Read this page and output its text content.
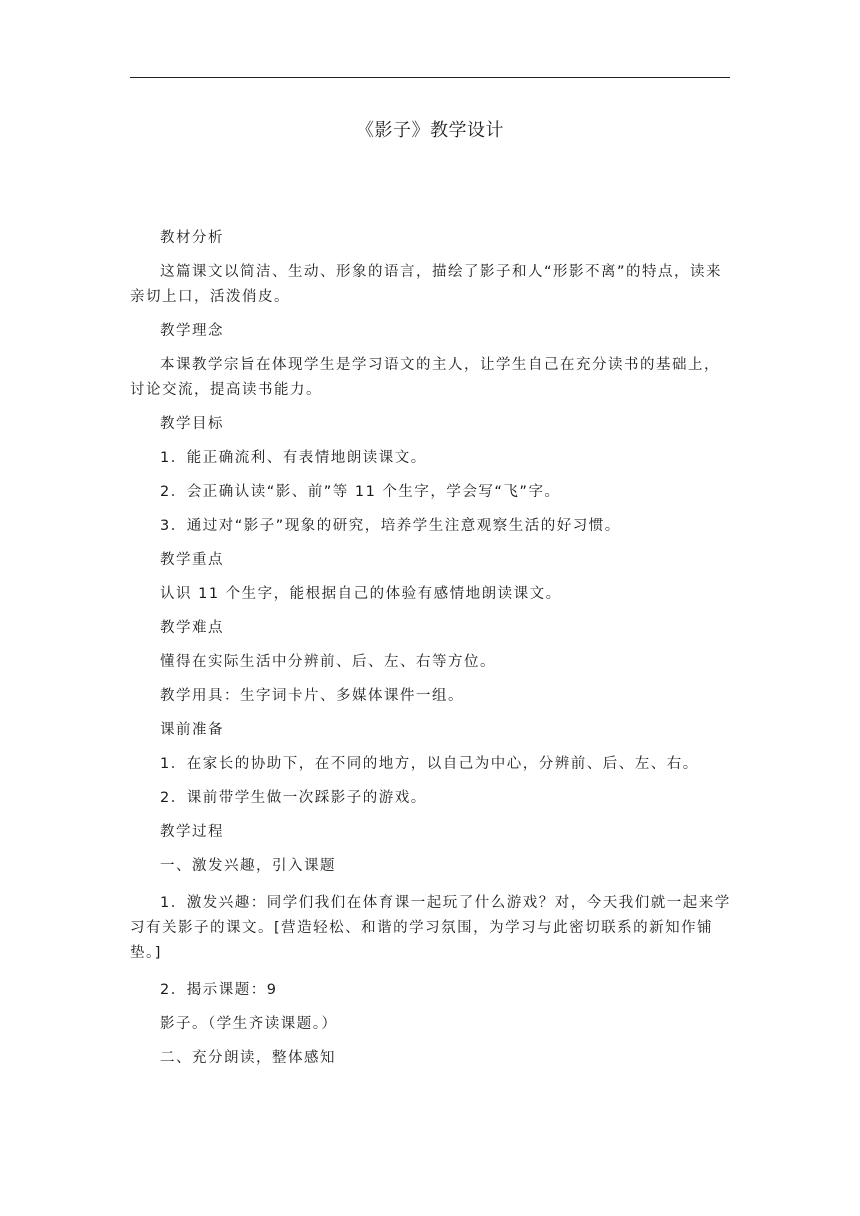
《影子》教学设计

教材分析

这篇课文以简洁、生动、形象的语言，描绘了影子和人“形影不离”的特点，读来亲切上口，活泼俏皮。

教学理念

本课教学宗旨在体现学生是学习语文的主人，让学生自己在充分读书的基础上，讨论交流，提高读书能力。

教学目标

1．能正确流利、有表情地朗读课文。

2．会正确认读“影、前”等 11 个生字，学会写“飞”字。

3．通过对“影子”现象的研究，培养学生注意观察生活的好习惯。

教学重点

认识 11 个生字，能根据自己的体验有感情地朗读课文。

教学难点

懂得在实际生活中分辨前、后、左、右等方位。

教学用具：生字词卡片、多媒体课件一组。

课前准备

1．在家长的协助下，在不同的地方，以自己为中心，分辨前、后、左、右。

2．课前带学生做一次踩影子的游戏。

教学过程

一、激发兴趣，引入课题

1．激发兴趣：同学们我们在体育课一起玩了什么游戏？对，今天我们就一起来学习有关影子的课文。[营造轻松、和谐的学习氛围，为学习与此密切联系的新知作铺垫。]

2．揭示课题：9

影子。（学生齐读课题。）

二、充分朗读，整体感知
